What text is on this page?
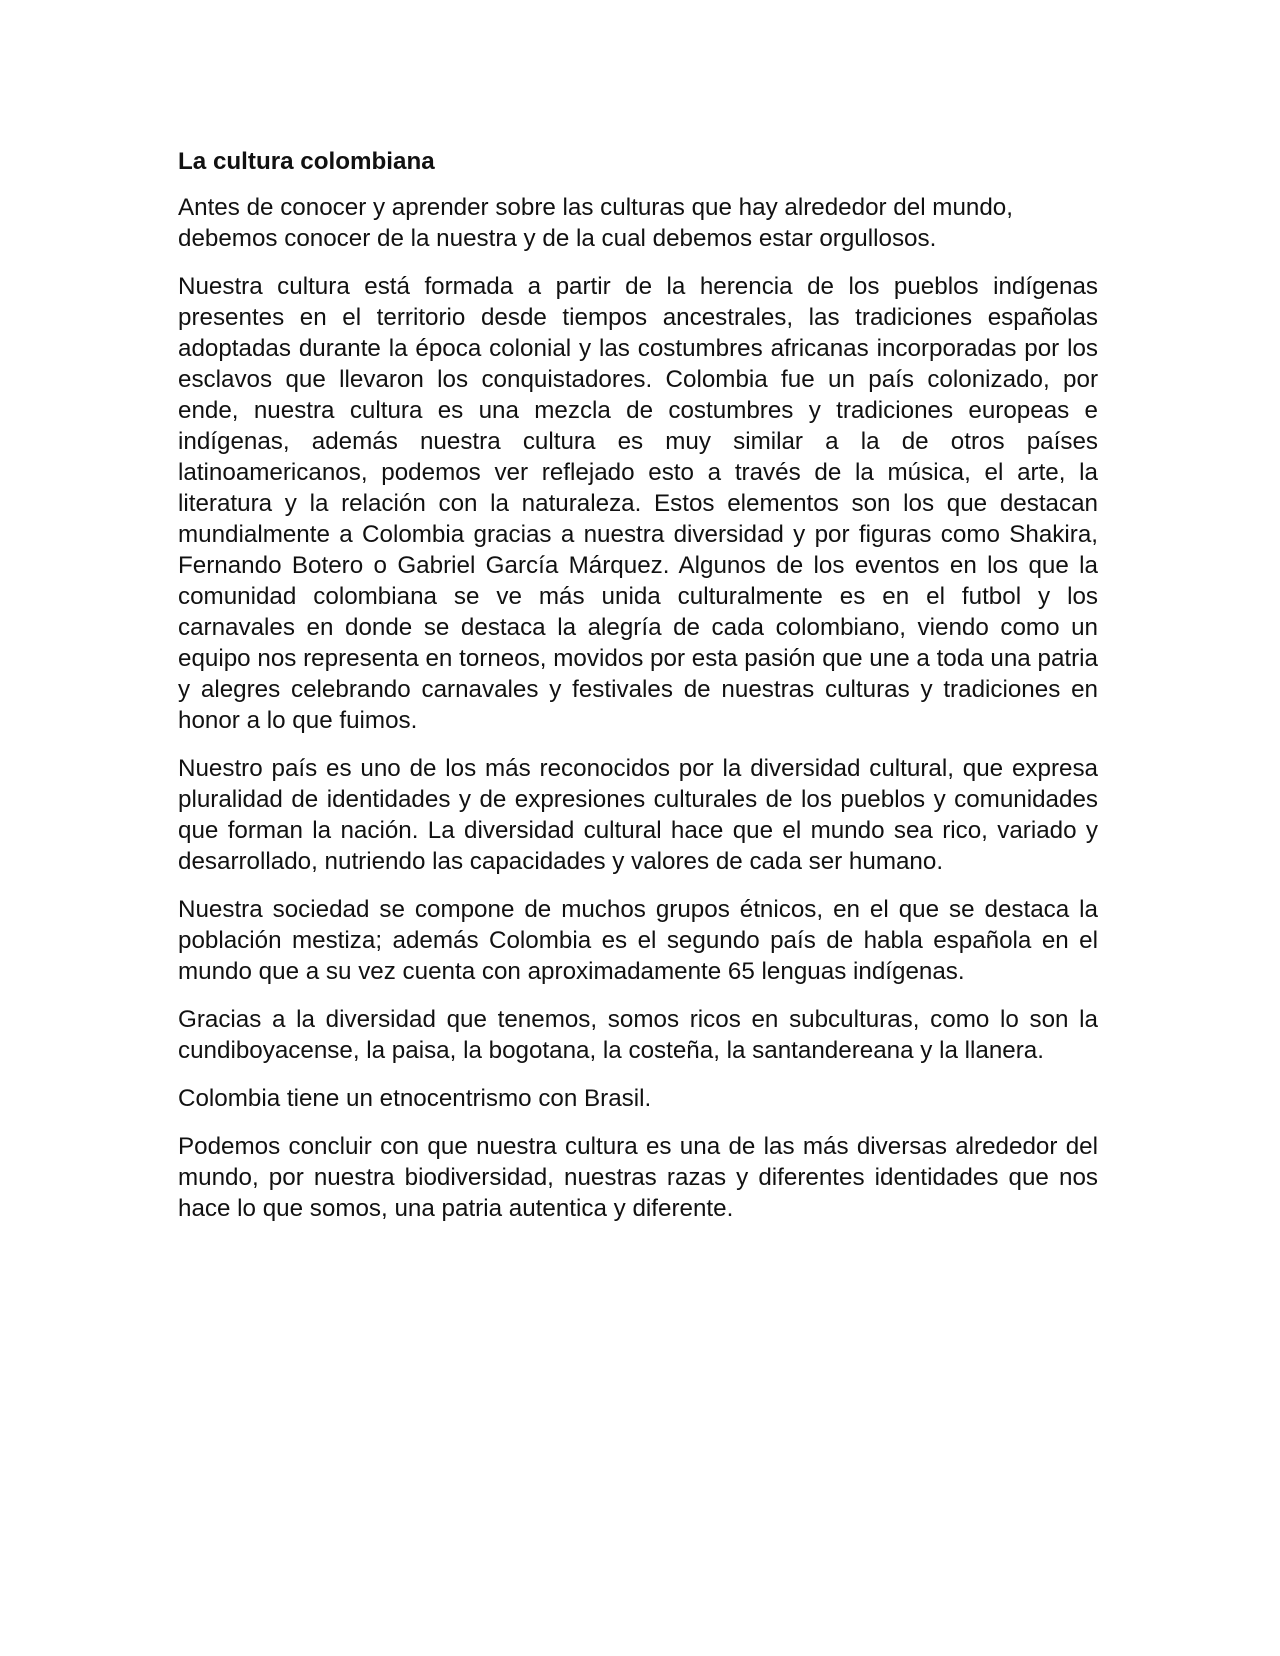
La cultura colombiana

Antes de conocer y aprender sobre las culturas que hay alrededor del mundo, debemos conocer de la nuestra y de la cual debemos estar orgullosos.

Nuestra cultura está formada a partir de la herencia de los pueblos indígenas presentes en el territorio desde tiempos ancestrales, las tradiciones españolas adoptadas durante la época colonial y las costumbres africanas incorporadas por los esclavos que llevaron los conquistadores. Colombia fue un país colonizado, por ende, nuestra cultura es una mezcla de costumbres y tradiciones europeas e indígenas, además nuestra cultura es muy similar a la de otros países latinoamericanos, podemos ver reflejado esto a través de la música, el arte, la literatura y la relación con la naturaleza. Estos elementos son los que destacan mundialmente a Colombia gracias a nuestra diversidad y por figuras como Shakira, Fernando Botero o Gabriel García Márquez. Algunos de los eventos en los que la comunidad colombiana se ve más unida culturalmente es en el futbol y los carnavales en donde se destaca la alegría de cada colombiano, viendo como un equipo nos representa en torneos, movidos por esta pasión que une a toda una patria y alegres celebrando carnavales y festivales de nuestras culturas y tradiciones en honor a lo que fuimos.

Nuestro país es uno de los más reconocidos por la diversidad cultural, que expresa pluralidad de identidades y de expresiones culturales de los pueblos y comunidades que forman la nación. La diversidad cultural hace que el mundo sea rico, variado y desarrollado, nutriendo las capacidades y valores de cada ser humano.

Nuestra sociedad se compone de muchos grupos étnicos, en el que se destaca la población mestiza; además Colombia es el segundo país de habla española en el mundo que a su vez cuenta con aproximadamente 65 lenguas indígenas.

Gracias a la diversidad que tenemos, somos ricos en subculturas, como lo son la cundiboyacense, la paisa, la bogotana, la costeña, la santandereana y la llanera.

Colombia tiene un etnocentrismo con Brasil.

Podemos concluir con que nuestra cultura es una de las más diversas alrededor del mundo, por nuestra biodiversidad, nuestras razas y diferentes identidades que nos hace lo que somos, una patria autentica y diferente.
